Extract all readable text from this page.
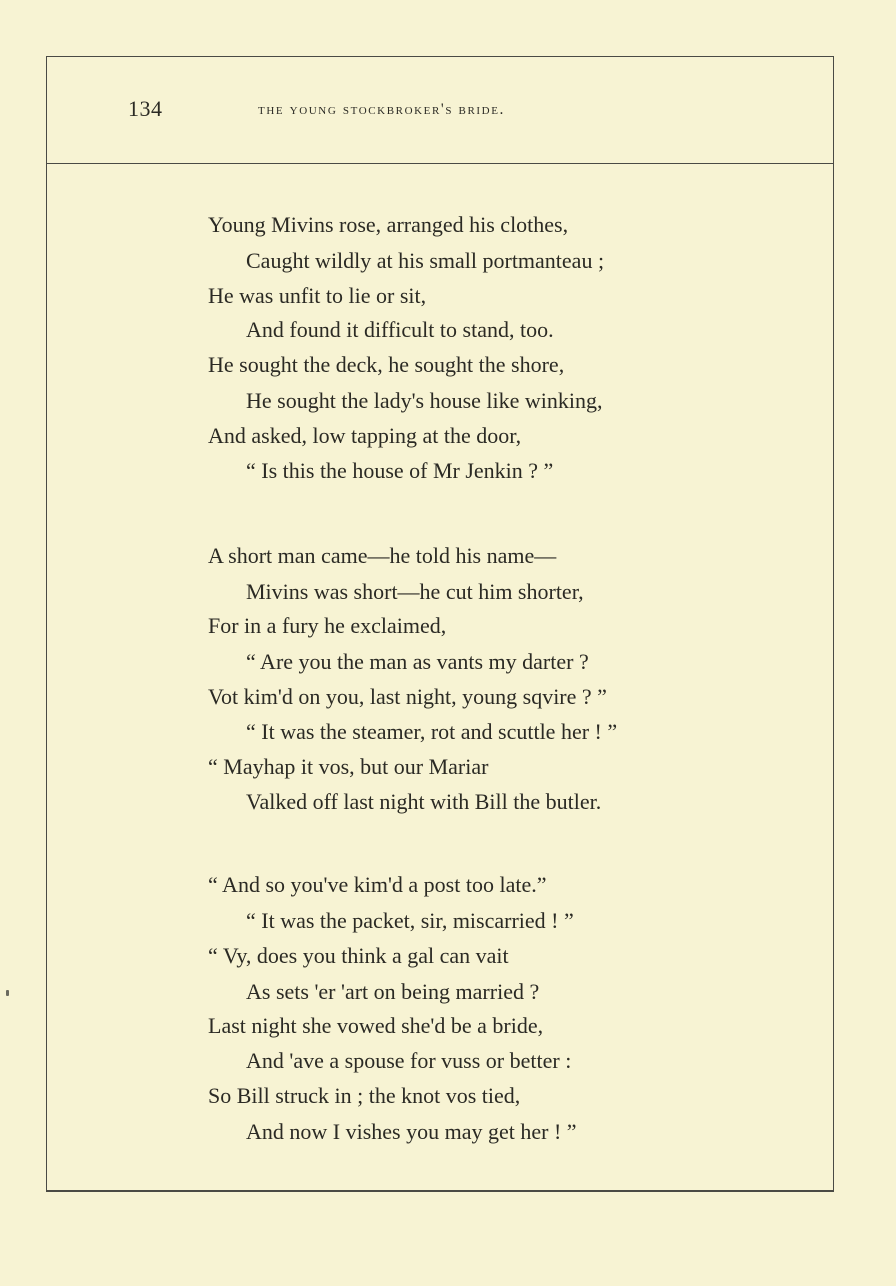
134	the young stockbroker's bride.
Young Mivins rose, arranged his clothes,
Caught wildly at his small portmanteau ;
He was unfit to lie or sit,
And found it difficult to stand, too.
He sought the deck, he sought the shore,
He sought the lady's house like winking,
And asked, low tapping at the door,
“ Is this the house of Mr Jenkin ? ”
A short man came—he told his name—
Mivins was short—he cut him shorter,
For in a fury he exclaimed,
“ Are you the man as vants my darter ?
Vot kim'd on you, last night, young sqvire ? ”
“ It was the steamer, rot and scuttle her ! ”
“ Mayhap it vos, but our Mariar
Valked off last night with Bill the butler.
“ And so you've kim'd a post too late.”
“ It was the packet, sir, miscarried ! ”
“ Vy, does you think a gal can vait
As sets 'er 'art on being married ?
Last night she vowed she'd be a bride,
And 'ave a spouse for vuss or better :
So Bill struck in ; the knot vos tied,
And now I vishes you may get her ! ”
